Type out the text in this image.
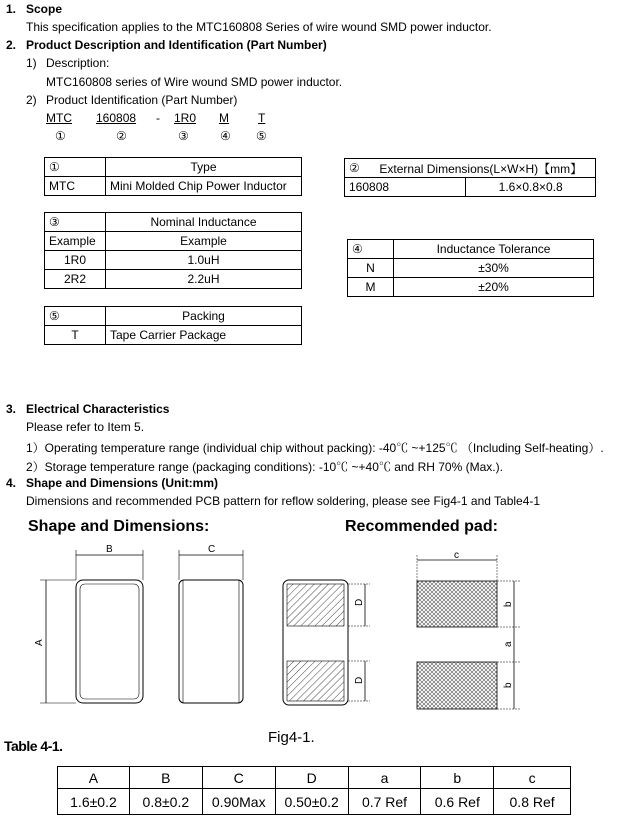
1. Scope
This specification applies to the MTC160808 Series of wire wound SMD power inductor.
2. Product Description and Identification (Part Number)
1) Description:
MTC160808 series of Wire wound SMD power inductor.
2) Product Identification (Part Number)
MTC 160808 - 1R0 M T
①	②	③	④ ⑤
①	Type
MTC	Mini Molded Chip Power Inductor
②	External Dimensions(L×W×H)【mm】	
160808		1.6×0.8×0.8
③	Nominal Inductance
Example	Example
1R0	1.0uH
2R2	2.2uH
④	Inductance Tolerance
N	±30%
M	±20%
⑤	Packing
T	Tape Carrier Package
3. Electrical Characteristics
Please refer to Item 5.
1）Operating temperature range (individual chip without packing): -40℃ ~+125℃ （Including Self-heating）.
2）Storage temperature range (packaging conditions): -10℃ ~+40℃ and RH 70% (Max.).
4. Shape and Dimensions (Unit:mm)
Dimensions and recommended PCB pattern for reflow soldering, please see Fig4-1 and Table4-1
Shape and Dimensions:	Recommended pad:
B
A
C
D
D
c
b
a
b
Fig4-1.
Table 4-1.
A	B	C	D	a	b	c
1.6±0.2	0.8±0.2	0.90Max	0.50±0.2	0.7 Ref	0.6 Ref	0.8 Ref
